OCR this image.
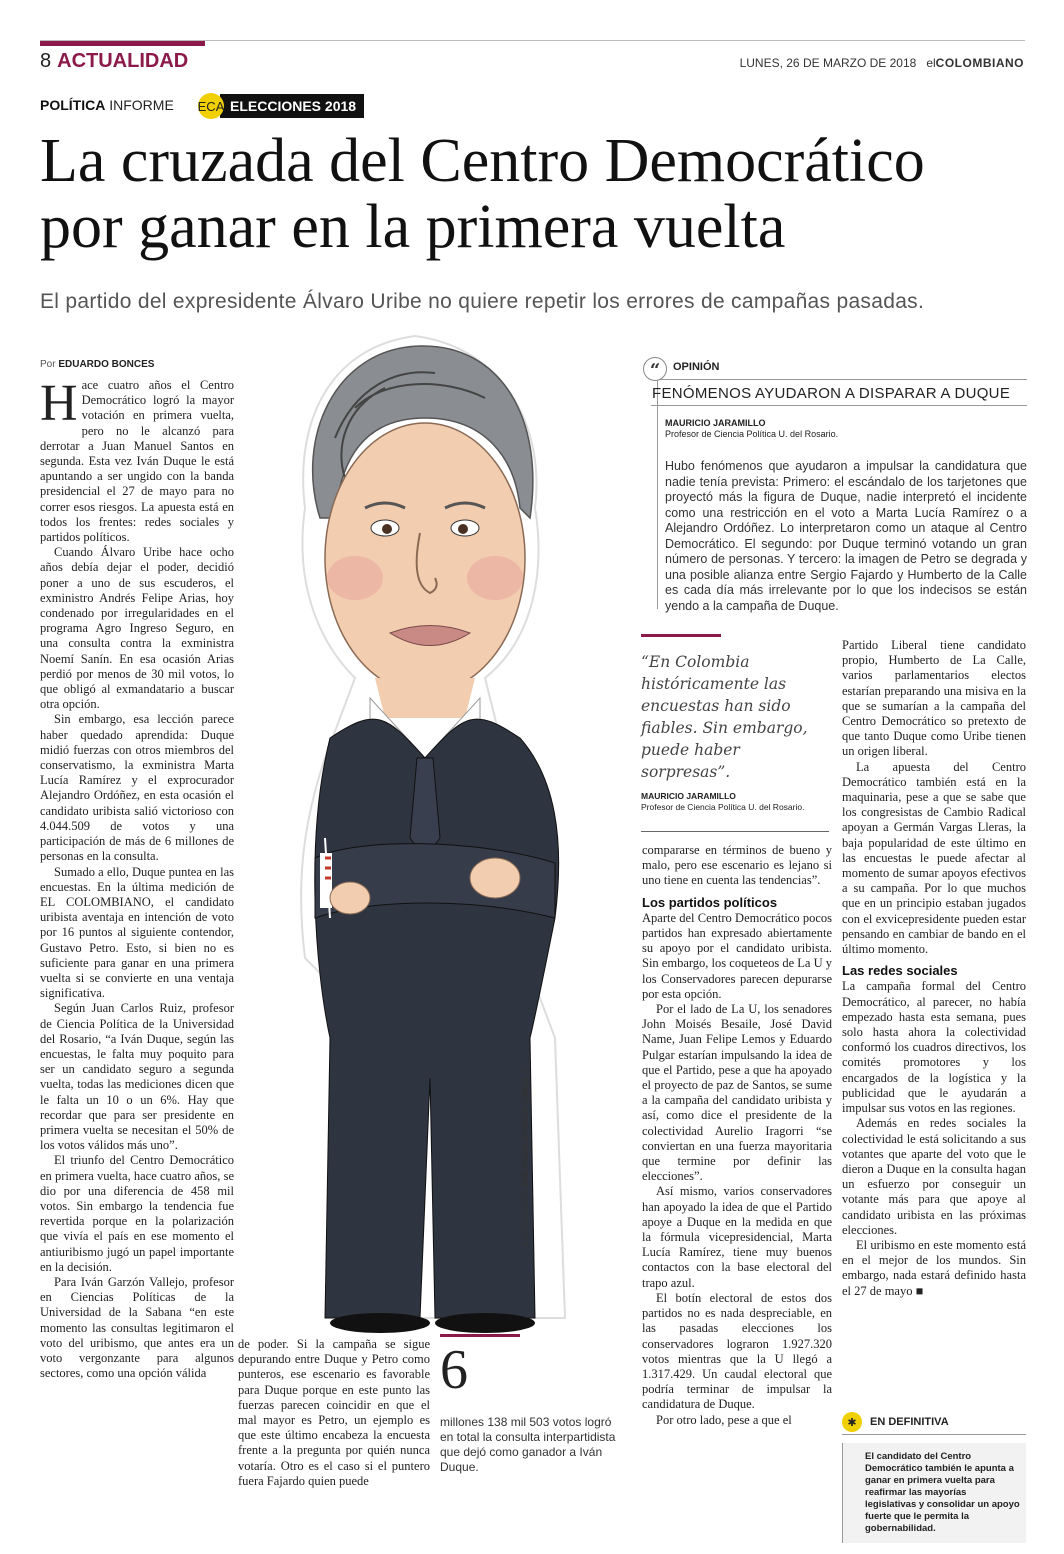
8 ACTUALIDAD	LUNES, 26 DE MARZO DE 2018 elCOLOMBIANO
POLÍTICA INFORME ECA ELECCIONES 2018
La cruzada del Centro Democrático
por ganar en la primera vuelta
El partido del expresidente Álvaro Uribe no quiere repetir los errores de campañas pasadas.
Por EDUARDO BONCES

Hace cuatro años el Centro Democrático logró la mayor votación en primera vuelta, pero no le alcanzó para derrotar a Juan Manuel Santos en segunda. Esta vez Iván Duque le está apuntando a ser ungido con la banda presidencial el 27 de mayo para no correr esos riesgos. La apuesta está en todos los frentes: redes sociales y partidos políticos.

Cuando Álvaro Uribe hace ocho años debía dejar el poder, decidió poner a uno de sus escuderos, el exministro Andrés Felipe Arias, hoy condenado por irregularidades en el programa Agro Ingreso Seguro, en una consulta contra la exministra Noemí Sanín. En esa ocasión Arias perdió por menos de 30 mil votos, lo que obligó al exmandatario a buscar otra opción.

Sin embargo, esa lección parece haber quedado aprendida: Duque midió fuerzas con otros miembros del conservatismo, la exministra Marta Lucía Ramírez y el exprocurador Alejandro Ordóñez, en esta ocasión el candidato uribista salió victorioso con 4.044.509 de votos y una participación de más de 6 millones de personas en la consulta.

Sumado a ello, Duque puntea en las encuestas. En la última medición de EL COLOMBIANO, el candidato uribista aventaja en intención de voto por 16 puntos al siguiente contendor, Gustavo Petro. Esto, si bien no es suficiente para ganar en una primera vuelta si se convierte en una ventaja significativa.

Según Juan Carlos Ruiz, profesor de Ciencia Política de la Universidad del Rosario, “a Iván Duque, según las encuestas, le falta muy poquito para ser un candidato seguro a segunda vuelta, todas las mediciones dicen que le falta un 10 o un 6%. Hay que recordar que para ser presidente en primera vuelta se necesitan el 50% de los votos válidos más uno”.

El triunfo del Centro Democrático en primera vuelta, hace cuatro años, se dio por una diferencia de 458 mil votos. Sin embargo la tendencia fue revertida porque en la polarización que vivía el país en ese momento el antiuribismo jugó un papel importante en la decisión.

Para Iván Garzón Vallejo, profesor en Ciencias Políticas de la Universidad de la Sabana “en este momento las consultas legitimaron el voto del uribismo, que antes era un voto vergonzante para algunos sectores, como una opción válida

ILUSTRACIÓN EMERSON GAVIRIA (EMER...)

de poder. Si la campaña se sigue depurando entre Duque y Petro como punteros, ese escenario es favorable para Duque porque en este punto las fuerzas parecen coincidir en que el mal mayor es Petro, un ejemplo es que este último encabeza la encuesta frente a la pregunta por quién nunca votaría. Otro es el caso si el puntero fuera Fajardo quien puede

6
millones 138 mil 503 votos logró en total la consulta interpartidista que dejó como ganador a Iván Duque.
“	OPINIÓN
FENÓMENOS AYUDARON A DISPARAR A DUQUE
MAURICIO JARAMILLO
Profesor de Ciencia Política U. del Rosario.
Hubo fenómenos que ayudaron a impulsar la candidatura que nadie tenía prevista: Primero: el escándalo de los tarjetones que proyectó más la figura de Duque, nadie interpretó el incidente como una restricción en el voto a Marta Lucía Ramírez o a Alejandro Ordóñez. Lo interpretaron como un ataque al Centro Democrático. El segundo: por Duque terminó votando un gran número de personas. Y tercero: la imagen de Petro se degrada y una posible alianza entre Sergio Fajardo y Humberto de la Calle es cada día más irrelevante por lo que los indecisos se están yendo a la campaña de Duque.
“En Colombia históricamente las encuestas han sido fiables. Sin embargo, puede haber sorpresas”.
MAURICIO JARAMILLO
Profesor de Ciencia Política U. del Rosario.

compararse en términos de bueno y malo, pero ese escenario es lejano si uno tiene en cuenta las tendencias”.

Los partidos políticos

Aparte del Centro Democrático pocos partidos han expresado abiertamente su apoyo por el candidato uribista. Sin embargo, los coqueteos de La U y los Conservadores parecen depurarse por esta opción.

Por el lado de La U, los senadores John Moisés Besaile, José David Name, Juan Felipe Lemos y Eduardo Pulgar estarían impulsando la idea de que el Partido, pese a que ha apoyado el proyecto de paz de Santos, se sume a la campaña del candidato uribista y así, como dice el presidente de la colectividad Aurelio Iragorri “se conviertan en una fuerza mayoritaria que termine por definir las elecciones”.

Así mismo, varios conservadores han apoyado la idea de que el Partido apoye a Duque en la medida en que la fórmula vicepresidencial, Marta Lucía Ramírez, tiene muy buenos contactos con la base electoral del trapo azul.

El botín electoral de estos dos partidos no es nada despreciable, en las pasadas elecciones los conservadores lograron 1.927.320 votos mientras que la U llegó a 1.317.429. Un caudal electoral que podría terminar de impulsar la candidatura de Duque.

Por otro lado, pese a que el

Partido Liberal tiene candidato propio, Humberto de La Calle, varios parlamentarios electos estarían preparando una misiva en la que se sumarían a la campaña del Centro Democrático so pretexto de que tanto Duque como Uribe tienen un origen liberal.

La apuesta del Centro Democrático también está en la maquinaria, pese a que se sabe que los congresistas de Cambio Radical apoyan a Germán Vargas Lleras, la baja popularidad de este último en las encuestas le puede afectar al momento de sumar apoyos efectivos a su campaña. Por lo que muchos que en un principio estaban jugados con el exvicepresidente pueden estar pensando en cambiar de bando en el último momento.

Las redes sociales

La campaña formal del Centro Democrático, al parecer, no había empezado hasta esta semana, pues solo hasta ahora la colectividad conformó los cuadros directivos, los comités promotores y los encargados de la logística y la publicidad que le ayudarán a impulsar sus votos en las regiones.

Además en redes sociales la colectividad le está solicitando a sus votantes que aparte del voto que le dieron a Duque en la consulta hagan un esfuerzo por conseguir un votante más para que apoye al candidato uribista en las próximas elecciones.

El uribismo en este momento está en el mejor de los mundos. Sin embargo, nada estará definido hasta el 27 de mayo ■

✱	EN DEFINITIVA
El candidato del Centro Democrático también le apunta a ganar en primera vuelta para reafirmar las mayorías legislativas y consolidar un apoyo fuerte que le permita la gobernabilidad.
